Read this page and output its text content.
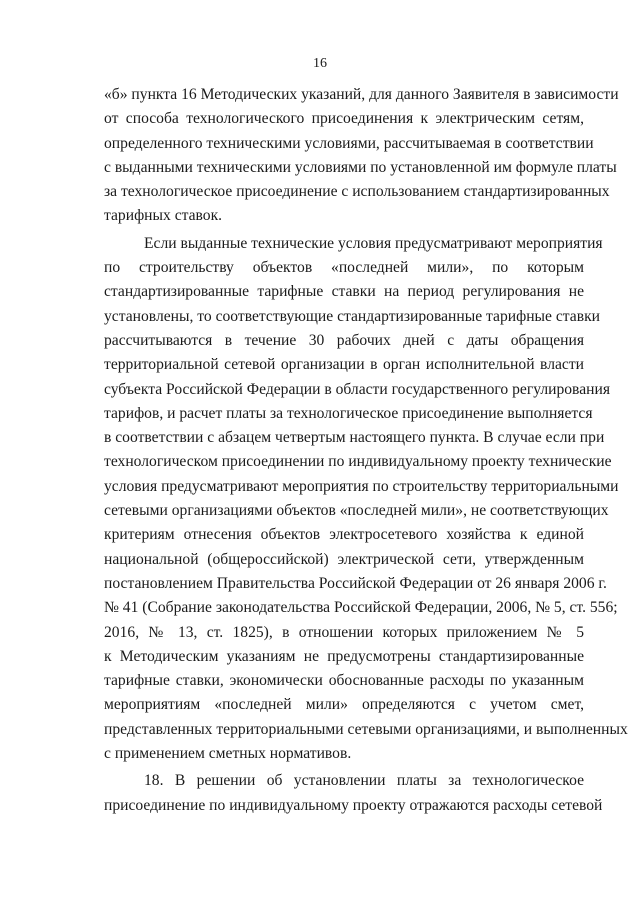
16
«б» пункта 16 Методических указаний, для данного Заявителя в зависимости
от способа технологического присоединения к электрическим сетям,
определенного техническими условиями, рассчитываемая в соответствии
с выданными техническими условиями по установленной им формуле платы
за технологическое присоединение с использованием стандартизированных
тарифных ставок.
Если выданные технические условия предусматривают мероприятия
по строительству объектов «последней мили», по которым
стандартизированные тарифные ставки на период регулирования не
установлены, то соответствующие стандартизированные тарифные ставки
рассчитываются в течение 30 рабочих дней с даты обращения
территориальной сетевой организации в орган исполнительной власти
субъекта Российской Федерации в области государственного регулирования
тарифов, и расчет платы за технологическое присоединение выполняется
в соответствии с абзацем четвертым настоящего пункта. В случае если при
технологическом присоединении по индивидуальному проекту технические
условия предусматривают мероприятия по строительству территориальными
сетевыми организациями объектов «последней мили», не соответствующих
критериям отнесения объектов электросетевого хозяйства к единой
национальной (общероссийской) электрической сети, утвержденным
постановлением Правительства Российской Федерации от 26 января 2006 г.
№ 41 (Собрание законодательства Российской Федерации, 2006, № 5, ст. 556;
2016, № 13, ст. 1825), в отношении которых приложением № 5
к Методическим указаниям не предусмотрены стандартизированные
тарифные ставки, экономически обоснованные расходы по указанным
мероприятиям «последней мили» определяются с учетом смет,
представленных территориальными сетевыми организациями, и выполненных
с применением сметных нормативов.
18. В решении об установлении платы за технологическое
присоединение по индивидуальному проекту отражаются расходы сетевой
